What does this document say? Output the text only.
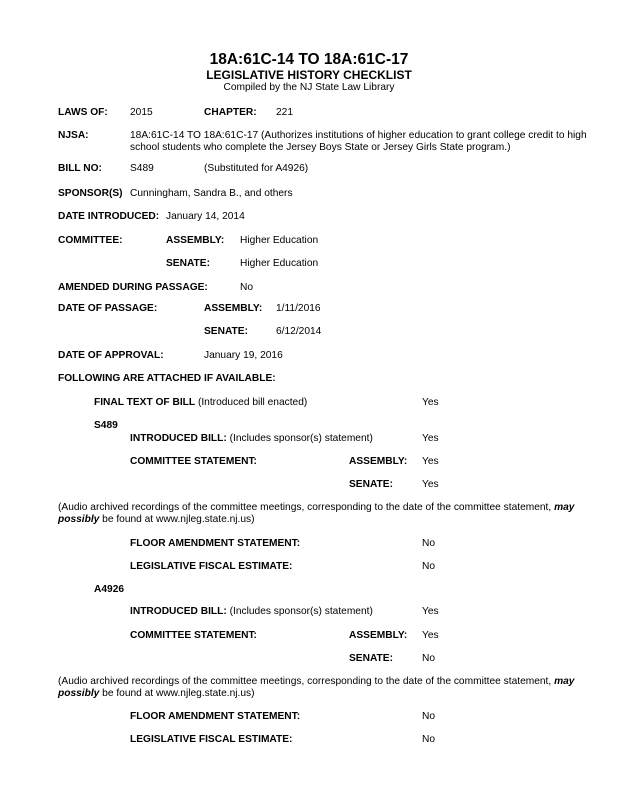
18A:61C-14 TO 18A:61C-17
LEGISLATIVE HISTORY CHECKLIST
Compiled by the NJ State Law Library
LAWS OF: 2015	CHAPTER: 221
NJSA:	18A:61C-14 TO 18A:61C-17 (Authorizes institutions of higher education to grant college credit to high school students who complete the Jersey Boys State or Jersey Girls State program.)
BILL NO:	S489	(Substituted for A4926)
SPONSOR(S) Cunningham, Sandra B., and others
DATE INTRODUCED: January 14, 2014
COMMITTEE:	ASSEMBLY: Higher Education
SENATE:	Higher Education
AMENDED DURING PASSAGE:	No
DATE OF PASSAGE:	ASSEMBLY: 1/11/2016
SENATE:	6/12/2014
DATE OF APPROVAL:	January 19, 2016
FOLLOWING ARE ATTACHED IF AVAILABLE:
FINAL TEXT OF BILL (Introduced bill enacted)	Yes
S489
INTRODUCED BILL: (Includes sponsor(s) statement)	Yes
COMMITTEE STATEMENT:	ASSEMBLY: Yes
SENATE:	Yes
(Audio archived recordings of the committee meetings, corresponding to the date of the committee statement, may possibly be found at www.njleg.state.nj.us)
FLOOR AMENDMENT STATEMENT:	No
LEGISLATIVE FISCAL ESTIMATE:	No
A4926
INTRODUCED BILL: (Includes sponsor(s) statement)	Yes
COMMITTEE STATEMENT:	ASSEMBLY: Yes
SENATE:	No
(Audio archived recordings of the committee meetings, corresponding to the date of the committee statement, may possibly be found at www.njleg.state.nj.us)
FLOOR AMENDMENT STATEMENT:	No
LEGISLATIVE FISCAL ESTIMATE:	No
